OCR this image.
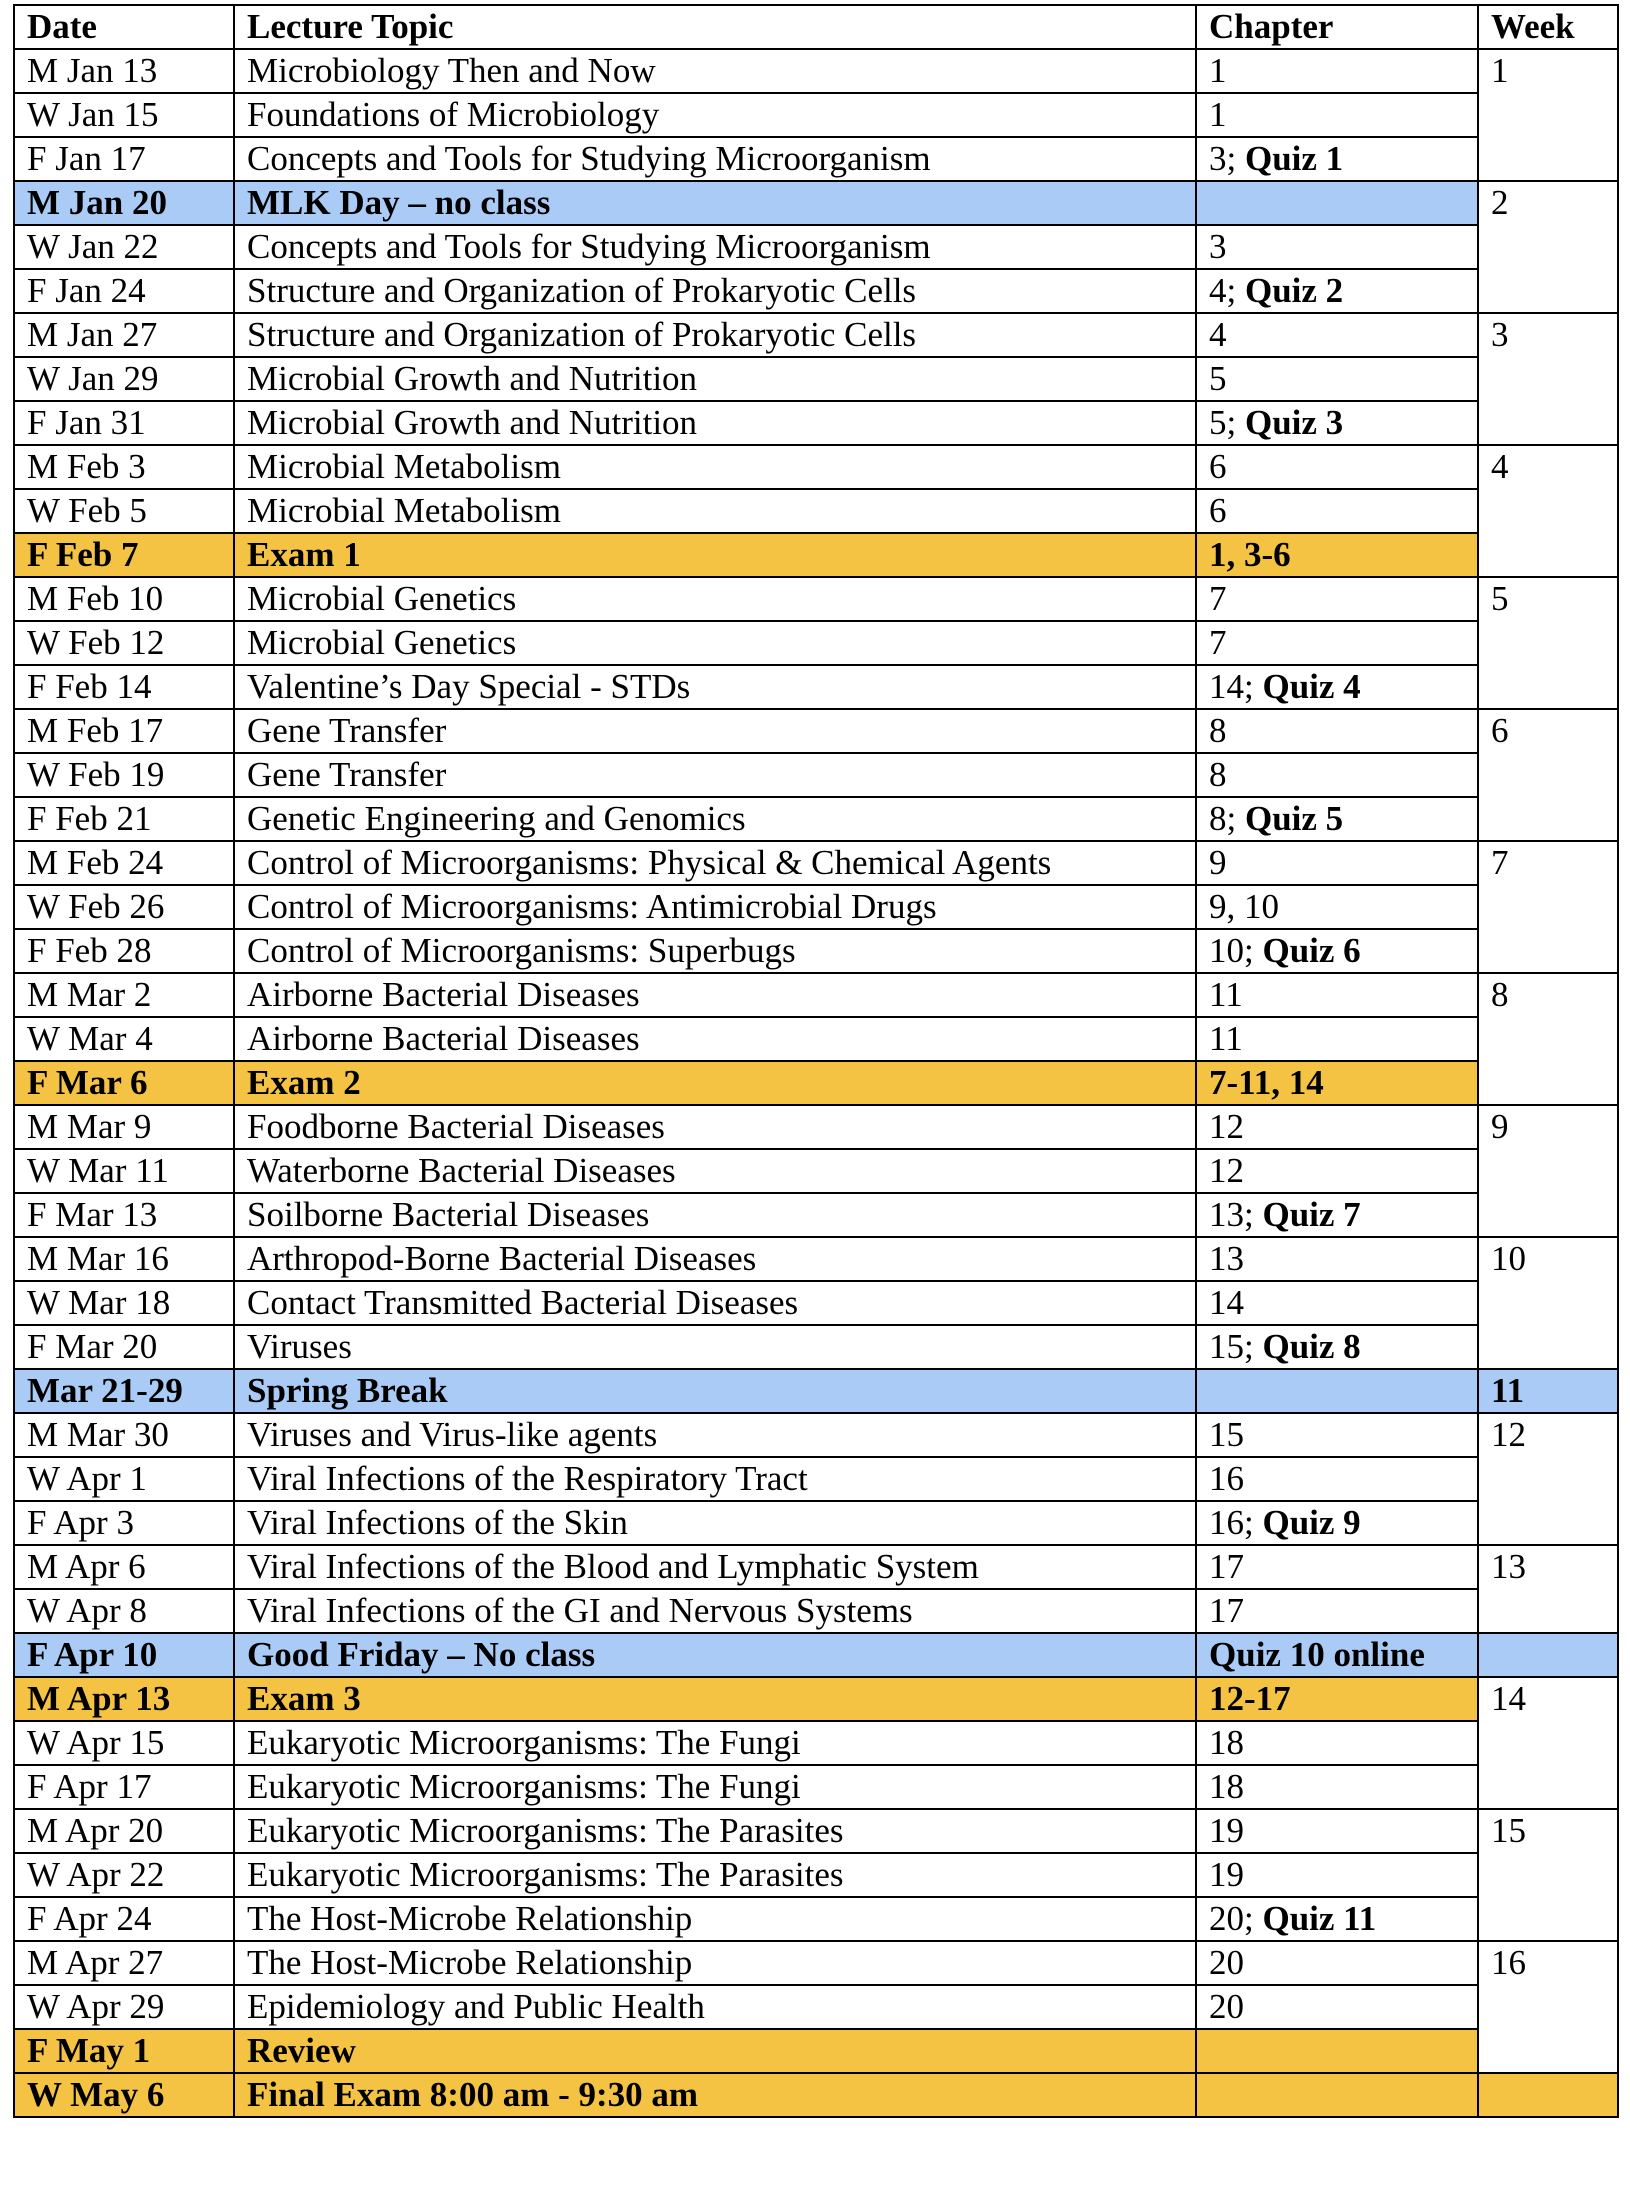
Date	Lecture Topic	Chapter	Week
M Jan 13	Microbiology Then and Now	1	1
W Jan 15	Foundations of Microbiology	1	
F Jan 17	Concepts and Tools for Studying Microorganism	3; Quiz 1	
M Jan 20	MLK Day – no class		2
W Jan 22	Concepts and Tools for Studying Microorganism	3	
F Jan 24	Structure and Organization of Prokaryotic Cells	4; Quiz 2	
M Jan 27	Structure and Organization of Prokaryotic Cells	4	3
W Jan 29	Microbial Growth and Nutrition	5	
F Jan 31	Microbial Growth and Nutrition	5; Quiz 3	
M Feb 3	Microbial Metabolism	6	4
W Feb 5	Microbial Metabolism	6	
F Feb 7	Exam 1	1, 3-6	
M Feb 10	Microbial Genetics	7	5
W Feb 12	Microbial Genetics	7	
F Feb 14	Valentine’s Day Special - STDs	14; Quiz 4	
M Feb 17	Gene Transfer	8	6
W Feb 19	Gene Transfer	8	
F Feb 21	Genetic Engineering and Genomics	8; Quiz 5	
M Feb 24	Control of Microorganisms: Physical & Chemical Agents	9	7
W Feb 26	Control of Microorganisms: Antimicrobial Drugs	9, 10	
F Feb 28	Control of Microorganisms: Superbugs	10; Quiz 6	
M Mar 2	Airborne Bacterial Diseases	11	8
W Mar 4	Airborne Bacterial Diseases	11	
F Mar 6	Exam 2	7-11, 14	
M Mar 9	Foodborne Bacterial Diseases	12	9
W Mar 11	Waterborne Bacterial Diseases	12	
F Mar 13	Soilborne Bacterial Diseases	13; Quiz 7	
M Mar 16	Arthropod-Borne Bacterial Diseases	13	10
W Mar 18	Contact Transmitted Bacterial Diseases	14	
F Mar 20	Viruses	15; Quiz 8	
Mar 21-29	Spring Break		11
M Mar 30	Viruses and Virus-like agents	15	12
W Apr 1	Viral Infections of the Respiratory Tract	16	
F Apr 3	Viral Infections of the Skin	16; Quiz 9	
M Apr 6	Viral Infections of the Blood and Lymphatic System	17	13
W Apr 8	Viral Infections of the GI and Nervous Systems	17	
F Apr 10	Good Friday – No class	Quiz 10 online	
M Apr 13	Exam 3	12-17	14
W Apr 15	Eukaryotic Microorganisms: The Fungi	18	
F Apr 17	Eukaryotic Microorganisms: The Fungi	18	
M Apr 20	Eukaryotic Microorganisms: The Parasites	19	15
W Apr 22	Eukaryotic Microorganisms: The Parasites	19	
F Apr 24	The Host-Microbe Relationship	20; Quiz 11	
M Apr 27	The Host-Microbe Relationship	20	16
W Apr 29	Epidemiology and Public Health	20	
F May 1	Review		
W May 6	Final Exam 8:00 am - 9:30 am		
